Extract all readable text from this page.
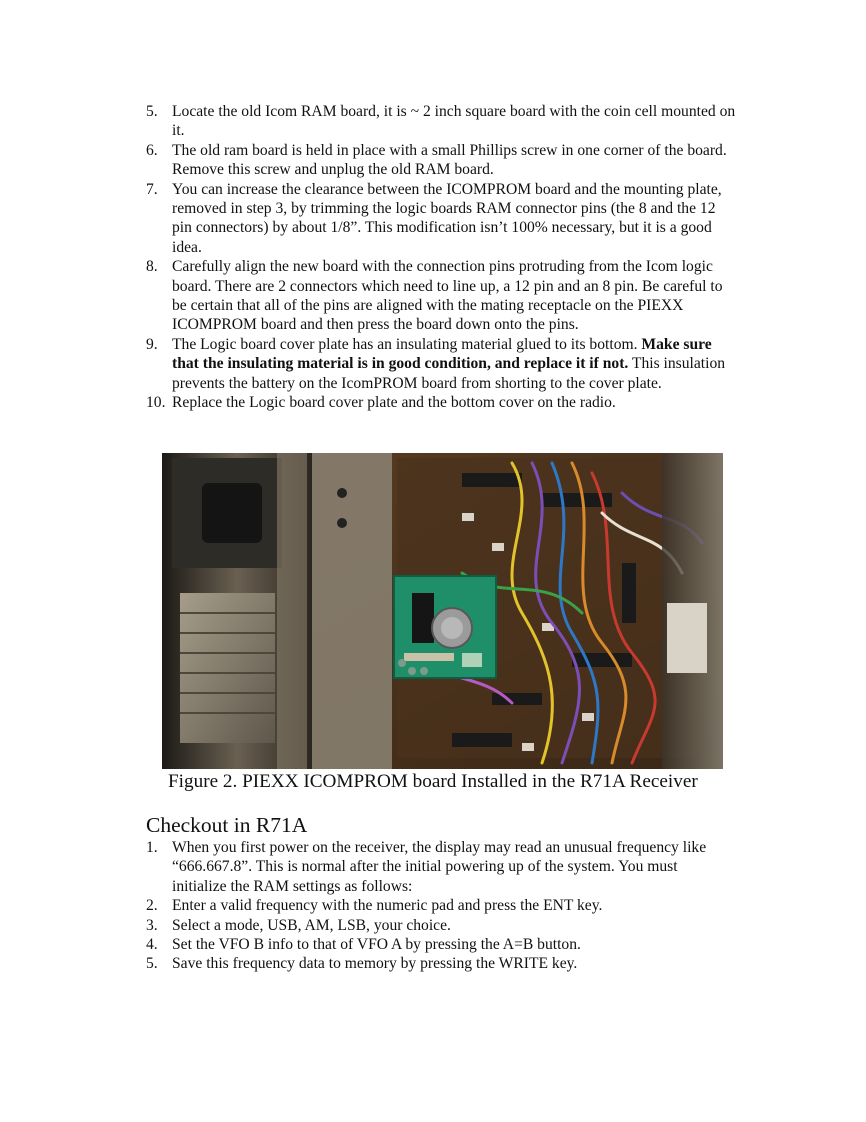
5. Locate the old Icom RAM board, it is ~ 2 inch square board with the coin cell mounted on it.
6. The old ram board is held in place with a small Phillips screw in one corner of the board. Remove this screw and unplug the old RAM board.
7. You can increase the clearance between the ICOMPROM board and the mounting plate, removed in step 3, by trimming the logic boards RAM connector pins (the 8 and the 12 pin connectors) by about 1/8”. This modification isn’t 100% necessary, but it is a good idea.
8. Carefully align the new board with the connection pins protruding from the Icom logic board. There are 2 connectors which need to line up, a 12 pin and an 8 pin. Be careful to be certain that all of the pins are aligned with the mating receptacle on the PIEXX ICOMPROM board and then press the board down onto the pins.
9. The Logic board cover plate has an insulating material glued to its bottom. Make sure that the insulating material is in good condition, and replace it if not. This insulation prevents the battery on the IcomPROM board from shorting to the cover plate.
10. Replace the Logic board cover plate and the bottom cover on the radio.
Figure 2. PIEXX ICOMPROM board Installed in the R71A Receiver
Checkout in R71A
1. When you first power on the receiver, the display may read an unusual frequency like “666.667.8”. This is normal after the initial powering up of the system. You must initialize the RAM settings as follows:
2. Enter a valid frequency with the numeric pad and press the ENT key.
3. Select a mode, USB, AM, LSB, your choice.
4. Set the VFO B info to that of VFO A by pressing the A=B button.
5. Save this frequency data to memory by pressing the WRITE key.
